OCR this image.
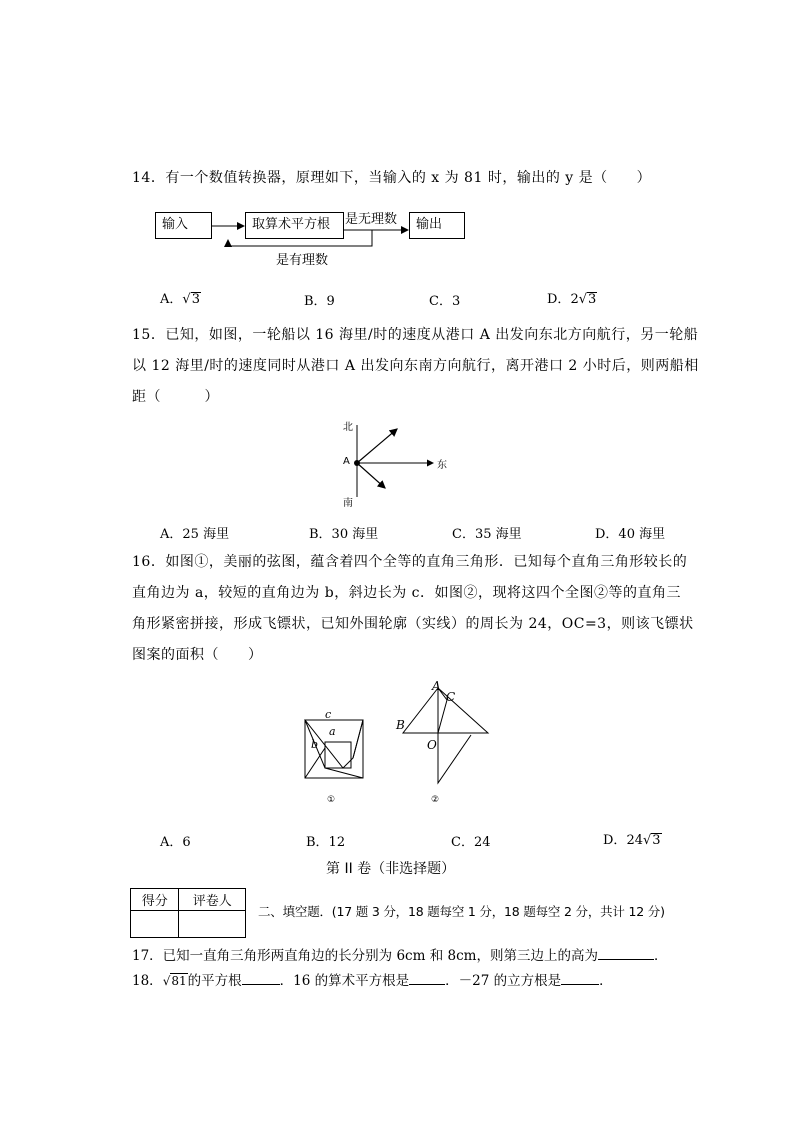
14．有一个数值转换器，原理如下，当输入的 x 为 81 时，输出的 y 是（　　）
输入	取算术平方根	输出
是无理数
是有理数
A．√3	B．9	C．3	D．2√3
15．已知，如图，一轮船以 16 海里/时的速度从港口 A 出发向东北方向航行，另一轮船
以 12 海里/时的速度同时从港口 A 出发向东南方向航行，离开港口 2 小时后，则两船相
距（　　　）
北
南
东
A
A．25 海里	B．30 海里	C．35 海里	D．40 海里
16．如图①，美丽的弦图，蕴含着四个全等的直角三角形．已知每个直角三角形较长的
直角边为 a，较短的直角边为 b，斜边长为 c．如图②，现将这四个全图②等的直角三
角形紧密拼接，形成飞镖状，已知外围轮廓（实线）的周长为 24，OC=3，则该飞镖状
图案的面积（　　）
c
a
b
①
A
C
B
O
②
A．6	B．12	C．24	D．24√3
第 II 卷（非选择题）
得分	评卷人

二、填空题．(17 题 3 分，18 题每空 1 分，18 题每空 2 分，共计 12 分)
17．已知一直角三角形两直角边的长分别为 6cm 和 8cm，则第三边上的高为	．
18．√81的平方根	．16 的算术平方根是	．－27 的立方根是	．
